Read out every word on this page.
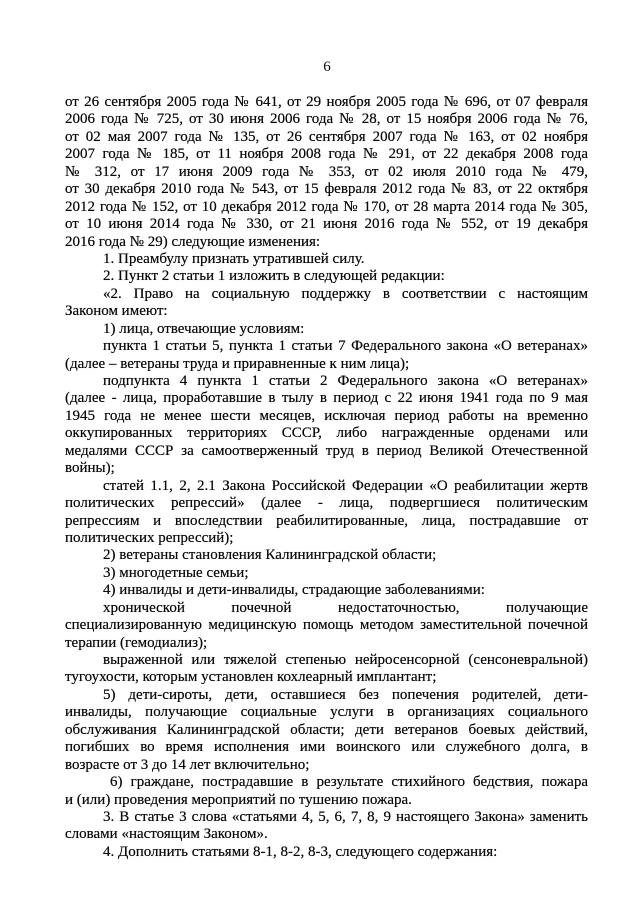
6
от 26 сентября 2005 года № 641, от 29 ноября 2005 года № 696, от 07 февраля
2006 года № 725, от 30 июня 2006 года № 28, от 15 ноября 2006 года № 76,
от 02 мая 2007 года № 135, от 26 сентября 2007 года № 163, от 02 ноября
2007 года № 185, от 11 ноября 2008 года № 291, от 22 декабря 2008 года
№ 312, от 17 июня 2009 года № 353, от 02 июля 2010 года № 479,
от 30 декабря 2010 года № 543, от 15 февраля 2012 года № 83, от 22 октября
2012 года № 152, от 10 декабря 2012 года № 170, от 28 марта 2014 года № 305,
от 10 июня 2014 года № 330, от 21 июня 2016 года № 552, от 19 декабря
2016 года № 29) следующие изменения:
1. Преамбулу признать утратившей силу.
2. Пункт 2 статьи 1 изложить в следующей редакции:
«2. Право на социальную поддержку в соответствии с настоящим
Законом имеют:
1) лица, отвечающие условиям:
пункта 1 статьи 5, пункта 1 статьи 7 Федерального закона «О ветеранах»
(далее – ветераны труда и приравненные к ним лица);
подпункта 4 пункта 1 статьи 2 Федерального закона «О ветеранах»
(далее - лица, проработавшие в тылу в период с 22 июня 1941 года по 9 мая
1945 года не менее шести месяцев, исключая период работы на временно
оккупированных территориях СССР, либо награжденные орденами или
медалями СССР за самоотверженный труд в период Великой Отечественной
войны);
статей 1.1, 2, 2.1 Закона Российской Федерации «О реабилитации жертв
политических репрессий» (далее - лица, подвергшиеся политическим
репрессиям и впоследствии реабилитированные, лица, пострадавшие от
политических репрессий);
2) ветераны становления Калининградской области;
3) многодетные семьи;
4) инвалиды и дети-инвалиды, страдающие заболеваниями:
хронической почечной недостаточностью, получающие
специализированную медицинскую помощь методом заместительной почечной
терапии (гемодиализ);
выраженной или тяжелой степенью нейросенсорной (сенсоневральной)
тугоухости, которым установлен кохлеарный имплантант;
5) дети-сироты, дети, оставшиеся без попечения родителей, дети-
инвалиды, получающие социальные услуги в организациях социального
обслуживания Калининградской области; дети ветеранов боевых действий,
погибших во время исполнения ими воинского или служебного долга, в
возрасте от 3 до 14 лет включительно;
6) граждане, пострадавшие в результате стихийного бедствия, пожара
и (или) проведения мероприятий по тушению пожара.
3. В статье 3 слова «статьями 4, 5, 6, 7, 8, 9 настоящего Закона» заменить
словами «настоящим Законом».
4. Дополнить статьями 8-1, 8-2, 8-3, следующего содержания:
